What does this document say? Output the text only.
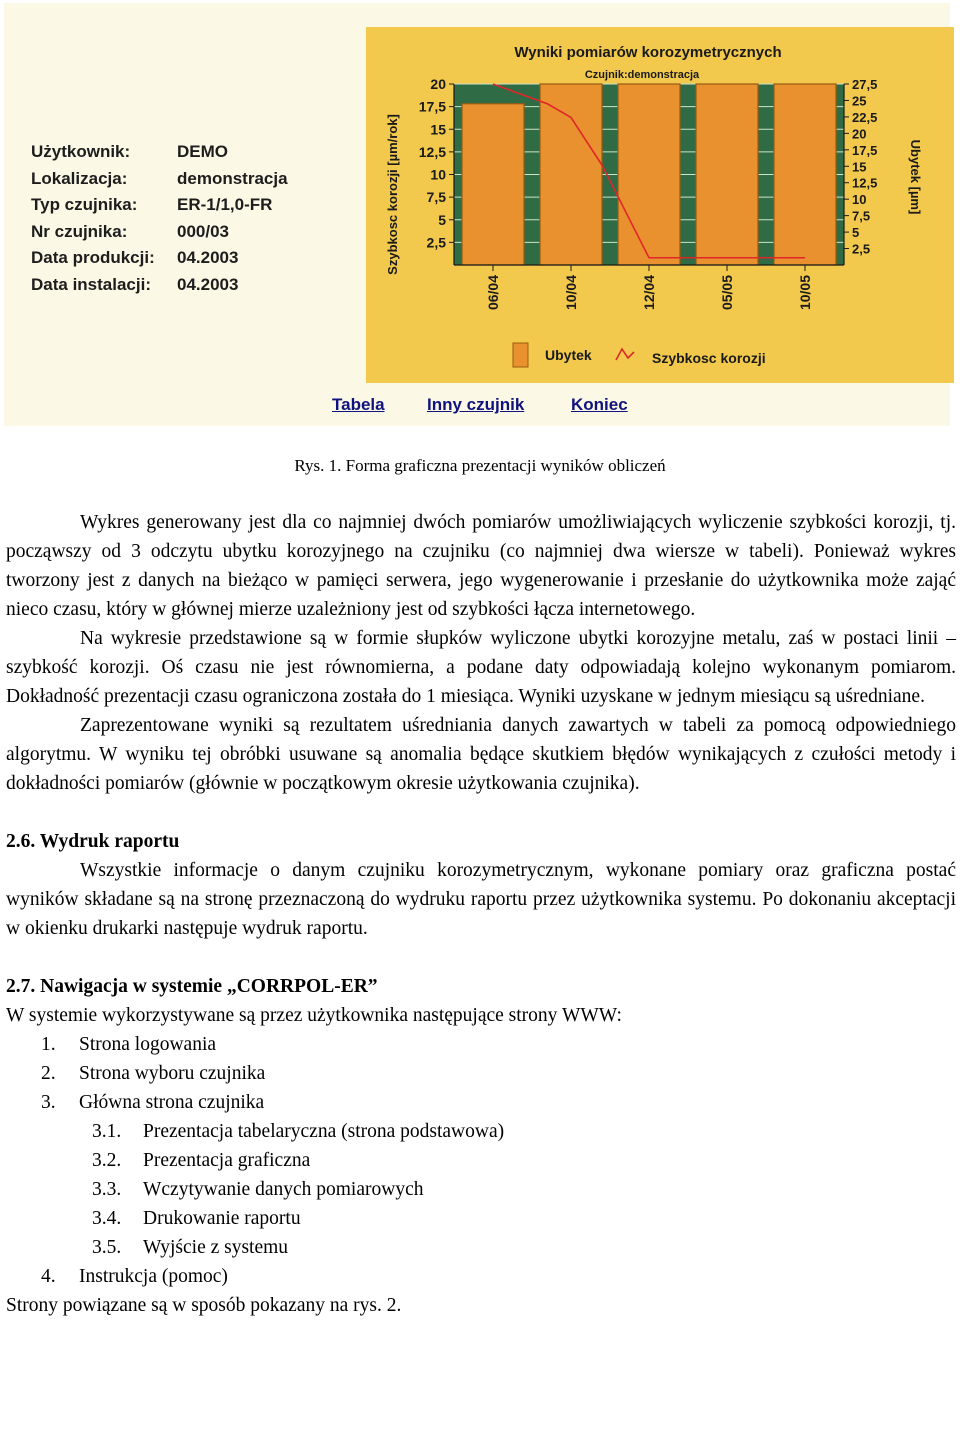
Użytkownik:	DEMO
Lokalizacja:	demonstracja
Typ czujnika:	ER-1/1,0-FR
Nr czujnika:	000/03
Data produkcji:	04.2003
Data instalacji:	04.2003
Wyniki pomiarów korozymetrycznych
Czujnik:demonstracja
06/04	10/04	12/04	05/05	10/05
2,5
5
7,5
10
12,5
15
17,5
20
Szybkosc korozji [µm/rok]	2,5
5
7,5
10
12,5
15
17,5
20
22,5
25
27,5
Ubytek [µm]
Ubytek	Szybkosc korozji
Tabela Inny czujnik	Koniec
Rys. 1. Forma graficzna prezentacji wyników obliczeń

Wykres generowany jest dla co najmniej dwóch pomiarów umożliwiających wyliczenie szybkości korozji, tj. począwszy od 3 odczytu ubytku korozyjnego na czujniku (co najmniej dwa wiersze w tabeli). Ponieważ wykres tworzony jest z danych na bieżąco w pamięci serwera, jego wygenerowanie i przesłanie do użytkownika może zająć nieco czasu, który w głównej mierze uzależniony jest od szybkości łącza internetowego.

Na wykresie przedstawione są w formie słupków wyliczone ubytki korozyjne metalu, zaś w postaci linii – szybkość korozji. Oś czasu nie jest równomierna, a podane daty odpowiadają kolejno wykonanym pomiarom. Dokładność prezentacji czasu ograniczona została do 1 miesiąca. Wyniki uzyskane w jednym miesiącu są uśredniane.

Zaprezentowane wyniki są rezultatem uśredniania danych zawartych w tabeli za pomocą odpowiedniego algorytmu. W wyniku tej obróbki usuwane są anomalia będące skutkiem błędów wynikających z czułości metody i dokładności pomiarów (głównie w początkowym okresie użytkowania czujnika).

2.6. Wydruk raportu

Wszystkie informacje o danym czujniku korozymetrycznym, wykonane pomiary oraz graficzna postać wyników składane są na stronę przeznaczoną do wydruku raportu przez użytkownika systemu. Po dokonaniu akceptacji w okienku drukarki następuje wydruk raportu.

2.7. Nawigacja w systemie „CORRPOL-ER”
W systemie wykorzystywane są przez użytkownika następujące strony WWW:
1. Strona logowania
2. Strona wyboru czujnika
3. Główna strona czujnika
3.1. Prezentacja tabelaryczna (strona podstawowa)
3.2. Prezentacja graficzna
3.3. Wczytywanie danych pomiarowych
3.4. Drukowanie raportu
3.5. Wyjście z systemu
4. Instrukcja (pomoc)
Strony powiązane są w sposób pokazany na rys. 2.
